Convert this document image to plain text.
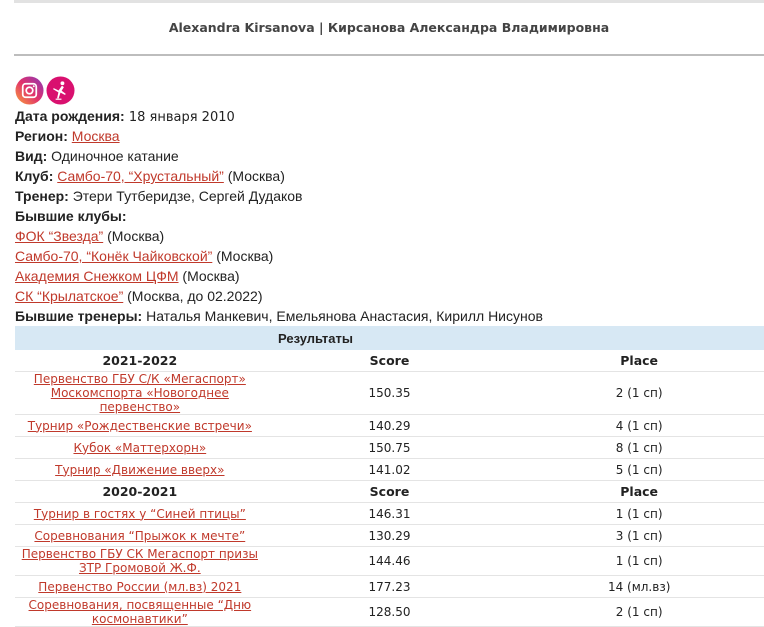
Alexandra Kirsanova | Кирсанова Александра Владимировна
Дата рождения: 18 января 2010
Регион: Москва
Вид: Одиночное катание
Клуб: Самбо-70, “Хрустальный” (Москва)
Тренер: Этери Тутберидзе, Сергей Дудаков
Бывшие клубы:
ФОК “Звезда” (Москва)
Самбо-70, “Конёк Чайковской” (Москва)
Академия Снежком ЦФМ (Москва)
СК “Крылатское” (Москва, до 02.2022)
Бывшие тренеры: Наталья Манкевич, Емельянова Анастасия, Кирилл Нисунов
Результаты		
2021-2022	Score	Place
Первенство ГБУ С/К «Мегаспорт» Москомспорта «Новогоднее первенство»	150.35	2 (1 сп)
Турнир «Рождественские встречи»	140.29	4 (1 сп)
Кубок «Маттерхорн»	150.75	8 (1 сп)
Турнир «Движение вверх»	141.02	5 (1 сп)
2020-2021	Score	Place
Турнир в гостях у “Синей птицы”	146.31	1 (1 сп)
Соревнования “Прыжок к мечте”	130.29	3 (1 сп)
Первенство ГБУ СК Мегаспорт призы ЗТР Громовой Ж.Ф.	144.46	1 (1 сп)
Первенство России (мл.вз) 2021	177.23	14 (мл.вз)
Соревнования, посвященные “Дню космонавтики”	128.50	2 (1 сп)
